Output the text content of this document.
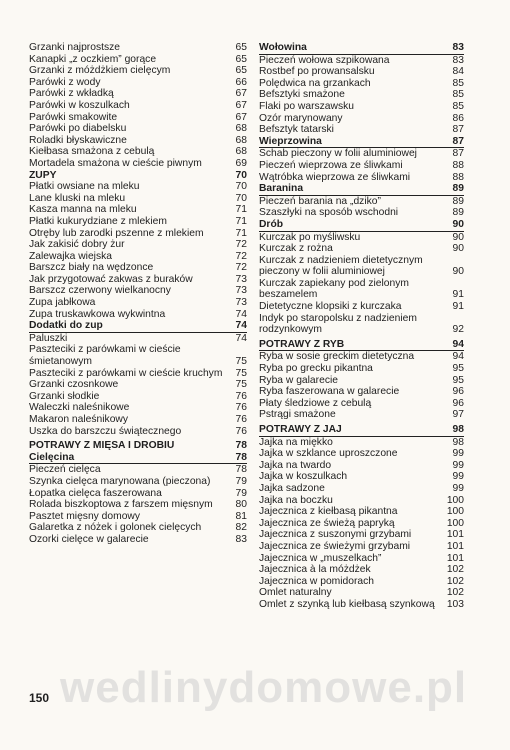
Grzanki najprostsze	65
Kanapki „z oczkiem” gorące	65
Grzanki z móżdżkiem cielęcym	65
Parówki z wody	66
Parówki z wkładką	67
Parówki w koszulkach	67
Parówki smakowite	67
Parówki po diabelsku	68
Roladki błyskawiczne	68
Kiełbasa smażona z cebulą	68
Mortadela smażona w cieście piwnym	69
ZUPY	70
Płatki owsiane na mleku	70
Lane kluski na mleku	70
Kasza manna na mleku	71
Płatki kukurydziane z mlekiem	71
Otręby lub zarodki pszenne z mlekiem	71
Jak zakisić dobry żur	72
Zalewajka wiejska	72
Barszcz biały na wędzonce	72
Jak przygotować zakwas z buraków	73
Barszcz czerwony wielkanocny	73
Zupa jabłkowa	73
Zupa truskawkowa wykwintna	74
Dodatki do zup	74
Paluszki	74
Paszteciki z parówkami w cieście śmietanowym	75
Paszteciki z parówkami w cieście kruchym	75
Grzanki czosnkowe	75
Grzanki słodkie	76
Waleczki naleśnikowe	76
Makaron naleśnikowy	76
Uszka do barszczu świątecznego	76
POTRAWY Z MIĘSA I DROBIU	78
Cielęcina	78
Pieczeń cielęca	78
Szynka cielęca marynowana (pieczona)	79
Łopatka cielęca faszerowana	79
Rolada biszkoptowa z farszem mięsnym	80
Pasztet mięsny domowy	81
Galaretka z nóżek i golonek cielęcych	82
Ozorki cielęce w galarecie	83
Wołowina	83
Pieczeń wołowa szpikowana	83
Rostbef po prowansalsku	84
Polędwica na grzankach	85
Befsztyki smażone	85
Flaki po warszawsku	85
Ozór marynowany	86
Befsztyk tatarski	87
Wieprzowina	87
Schab pieczony w folii aluminiowej	87
Pieczeń wieprzowa ze śliwkami	88
Wątróbka wieprzowa ze śliwkami	88
Baranina	89
Pieczeń barania na „dziko”	89
Szaszłyki na sposób wschodni	89
Drób	90
Kurczak po myśliwsku	90
Kurczak z rożna	90
Kurczak z nadzieniem dietetycznym pieczony w folii aluminiowej	90
Kurczak zapiekany pod zielonym beszamelem	91
Dietetyczne klopsiki z kurczaka	91
Indyk po staropolsku z nadzieniem rodzynkowym	92
POTRAWY Z RYB	94
Ryba w sosie greckim dietetyczna	94
Ryba po grecku pikantna	95
Ryba w galarecie	95
Ryba faszerowana w galarecie	96
Płaty śledziowe z cebulą	96
Pstrągi smażone	97
POTRAWY Z JAJ	98
Jajka na miękko	98
Jajka w szklance uproszczone	99
Jajka na twardo	99
Jajka w koszulkach	99
Jajka sadzone	99
Jajka na boczku	100
Jajecznica z kiełbasą pikantna	100
Jajecznica ze świeżą papryką	100
Jajecznica z suszonymi grzybami	101
Jajecznica ze świeżymi grzybami	101
Jajecznica w „muszelkach”	101
Jajecznica à la móżdżek	102
Jajecznica w pomidorach	102
Omlet naturalny	102
Omlet z szynką lub kiełbasą szynkową	103
150 wedlinydomowe.pl
